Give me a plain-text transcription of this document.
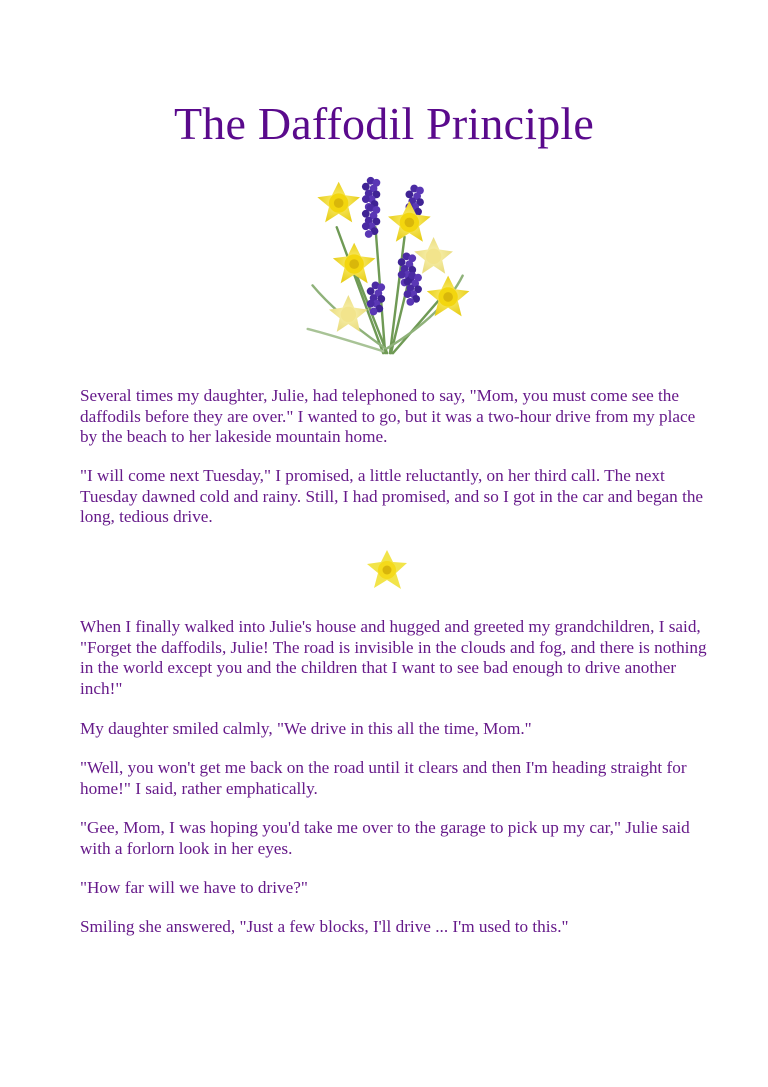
The Daffodil Principle
Several times my daughter, Julie, had telephoned to say, "Mom, you must come see the daffodils before they are over." I wanted to go, but it was a two-hour drive from my place by the beach to her lakeside mountain home.
"I will come next Tuesday," I promised, a little reluctantly, on her third call. The next Tuesday dawned cold and rainy. Still, I had promised, and so I got in the car and began the long, tedious drive.
When I finally walked into Julie's house and hugged and greeted my grandchildren, I said, "Forget the daffodils, Julie! The road is invisible in the clouds and fog, and there is nothing in the world except you and the children that I want to see bad enough to drive another inch!"
My daughter smiled calmly, "We drive in this all the time, Mom."
"Well, you won't get me back on the road until it clears and then I'm heading straight for home!" I said, rather emphatically.
"Gee, Mom, I was hoping you'd take me over to the garage to pick up my car," Julie said with a forlorn look in her eyes.
"How far will we have to drive?"
Smiling she answered, "Just a few blocks, I'll drive ... I'm used to this."
